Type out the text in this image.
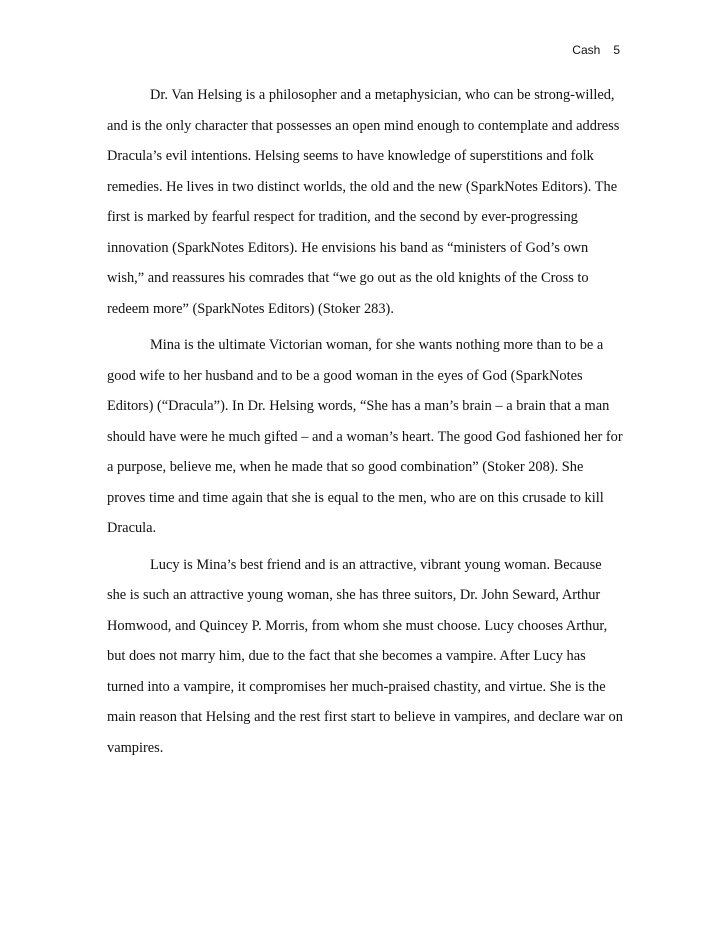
Cash 5
Dr. Van Helsing is a philosopher and a metaphysician, who can be strong-willed,
and is the only character that possesses an open mind enough to contemplate and address
Dracula’s evil intentions. Helsing seems to have knowledge of superstitions and folk
remedies. He lives in two distinct worlds, the old and the new (SparkNotes Editors). The
first is marked by fearful respect for tradition, and the second by ever-progressing
innovation (SparkNotes Editors). He envisions his band as “ministers of God’s own
wish,” and reassures his comrades that “we go out as the old knights of the Cross to
redeem more” (SparkNotes Editors) (Stoker 283).
Mina is the ultimate Victorian woman, for she wants nothing more than to be a
good wife to her husband and to be a good woman in the eyes of God (SparkNotes
Editors) (“Dracula”). In Dr. Helsing words, “She has a man’s brain – a brain that a man
should have were he much gifted – and a woman’s heart. The good God fashioned her for
a purpose, believe me, when he made that so good combination” (Stoker 208). She
proves time and time again that she is equal to the men, who are on this crusade to kill
Dracula.
Lucy is Mina’s best friend and is an attractive, vibrant young woman. Because
she is such an attractive young woman, she has three suitors, Dr. John Seward, Arthur
Homwood, and Quincey P. Morris, from whom she must choose. Lucy chooses Arthur,
but does not marry him, due to the fact that she becomes a vampire. After Lucy has
turned into a vampire, it compromises her much-praised chastity, and virtue. She is the
main reason that Helsing and the rest first start to believe in vampires, and declare war on
vampires.
